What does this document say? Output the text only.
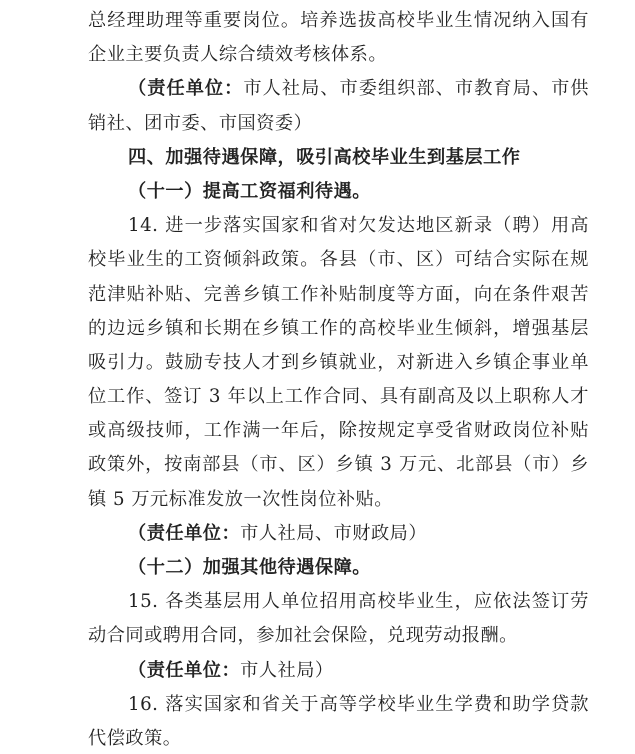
总经理助理等重要岗位。培养选拔高校毕业生情况纳入国有
企业主要负责人综合绩效考核体系。
（责任单位：市人社局、市委组织部、市教育局、市供
销社、团市委、市国资委）
四、加强待遇保障，吸引高校毕业生到基层工作
（十一）提高工资福利待遇。
14. 进一步落实国家和省对欠发达地区新录（聘）用高
校毕业生的工资倾斜政策。各县（市、区）可结合实际在规
范津贴补贴、完善乡镇工作补贴制度等方面，向在条件艰苦
的边远乡镇和长期在乡镇工作的高校毕业生倾斜，增强基层
吸引力。鼓励专技人才到乡镇就业，对新进入乡镇企事业单
位工作、签订 3 年以上工作合同、具有副高及以上职称人才
或高级技师，工作满一年后，除按规定享受省财政岗位补贴
政策外，按南部县（市、区）乡镇 3 万元、北部县（市）乡
镇 5 万元标准发放一次性岗位补贴。
（责任单位：市人社局、市财政局）
（十二）加强其他待遇保障。
15. 各类基层用人单位招用高校毕业生，应依法签订劳
动合同或聘用合同，参加社会保险，兑现劳动报酬。
（责任单位：市人社局）
16. 落实国家和省关于高等学校毕业生学费和助学贷款
代偿政策。
